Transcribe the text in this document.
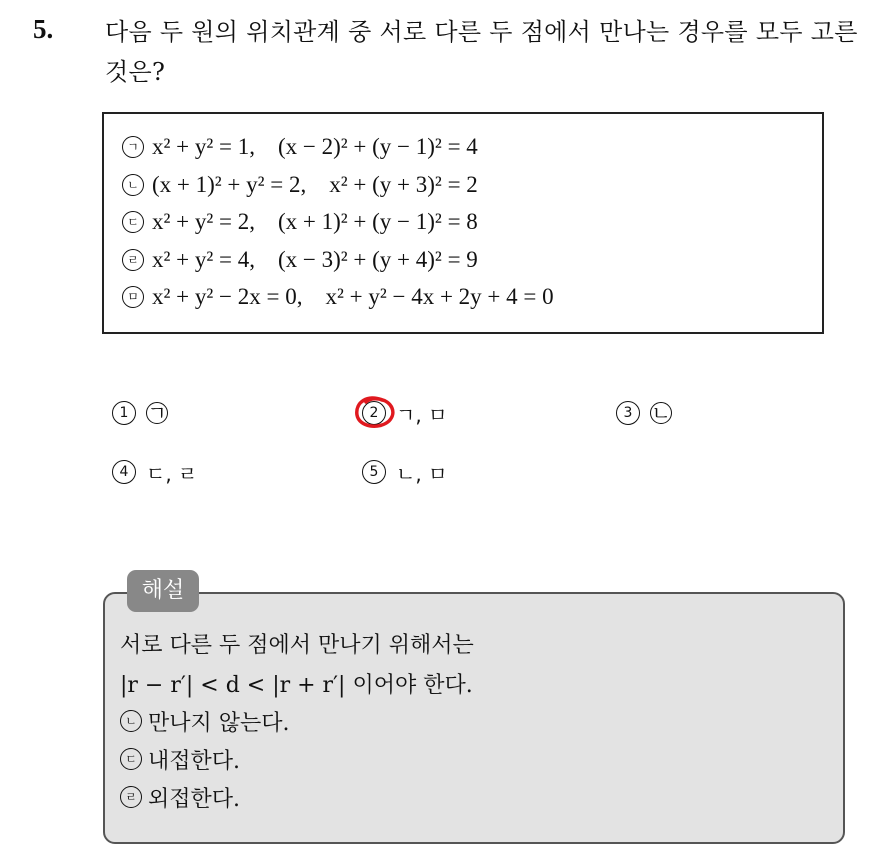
5. 다음 두 원의 위치관계 중 서로 다른 두 점에서 만나는 경우를 모두 고른 것은?
ㄱ x² + y² = 1,    (x − 2)² + (y − 1)² = 4
ㄴ (x + 1)² + y² = 2,    x² + (y + 3)² = 2
ㄷ x² + y² = 2,    (x + 1)² + (y − 1)² = 8
ㄹ x² + y² = 4,    (x − 3)² + (y + 4)² = 9
ㅁ x² + y² − 2x = 0,    x² + y² − 4x + 2y + 4 = 0
1 ㄱ	2 ㄱ, ㅁ	3 ㄴ
4 ㄷ, ㄹ	5 ㄴ, ㅁ
해설
서로 다른 두 점에서 만나기 위해서는
|r − r′| < d < |r + r′| 이어야 한다.
ㄴ 만나지 않는다.
ㄷ 내접한다.
ㄹ 외접한다.
